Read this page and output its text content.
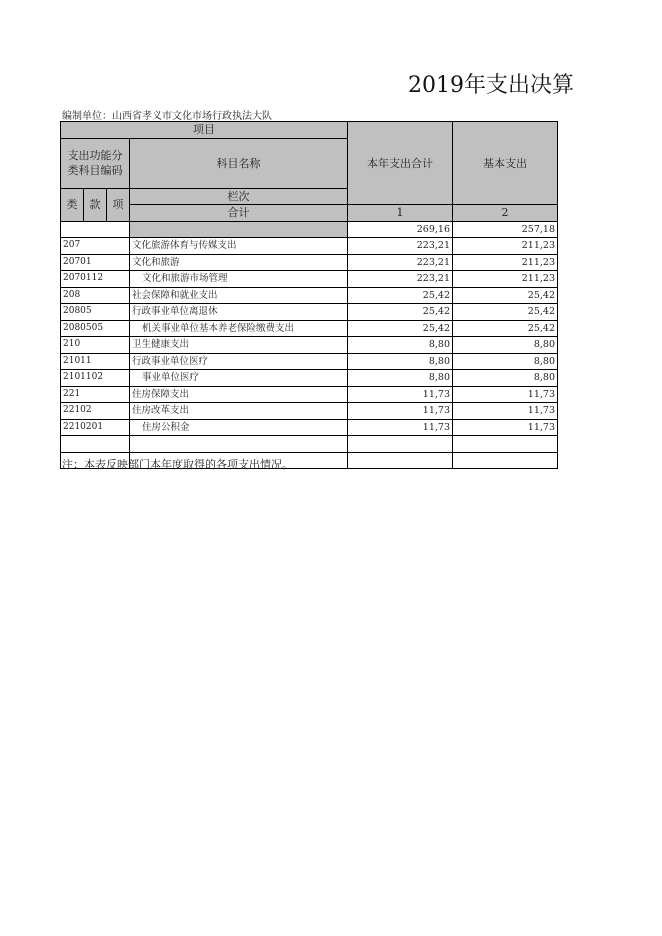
2019年支出决算
编制单位：山西省孝义市文化市场行政执法大队
项目				本年支出合计	基本支出
支出功能分类科目编码			科目名称		
类	款	项	栏次		
			合计	1	2
				269,16	257,18
207			文化旅游体育与传媒支出	223,21	211,23
20701			文化和旅游	223,21	211,23
2070112			文化和旅游市场管理	223,21	211,23
208			社会保障和就业支出	25,42	25,42
20805			行政事业单位离退休	25,42	25,42
2080505			机关事业单位基本养老保险缴费支出	25,42	25,42
210			卫生健康支出	8,80	8,80
21011			行政事业单位医疗	8,80	8,80
2101102			事业单位医疗	8,80	8,80
221			住房保障支出	11,73	11,73
22102			住房改革支出	11,73	11,73
2210201			住房公积金	11,73	11,73

注：本表反映部门本年度取得的各项支出情况。
